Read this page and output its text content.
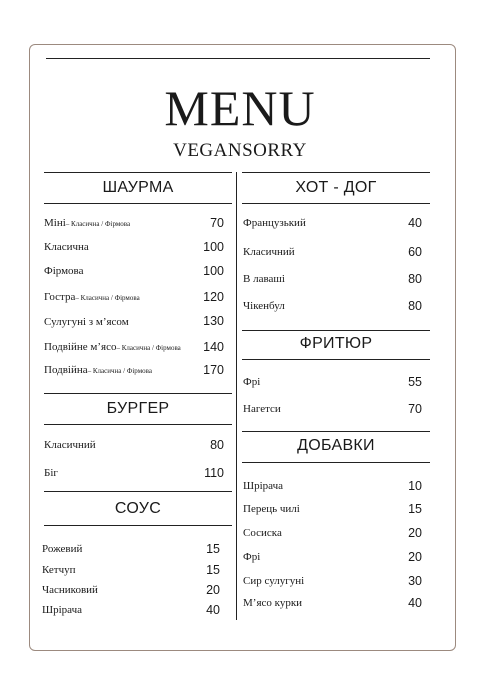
MENU
VEGANSORRY
ШАУРМА
Міні– Класична / Фірмова	70
Класична	100
Фірмова	100
Гостра– Класична / Фірмова	120
Сулугуні з м’ясом	130
Подвійне м’ясо– Класична / Фірмова	140
Подвійна– Класична / Фірмова	170
БУРГЕР
Класичний	80
Біг	110
СОУС
Рожевий	15
Кетчуп	15
Часниковий	20
Шрірача	40
ХОТ - ДОГ
Французький	40
Класичний	60
В лаваші	80
Чікенбул	80
ФРИТЮР
Фрі	55
Нагетси	70
ДОБАВКИ
Шрірача	10
Перець чилі	15
Сосиска	20
Фрі	20
Сир сулугуні	30
М’ясо курки	40
